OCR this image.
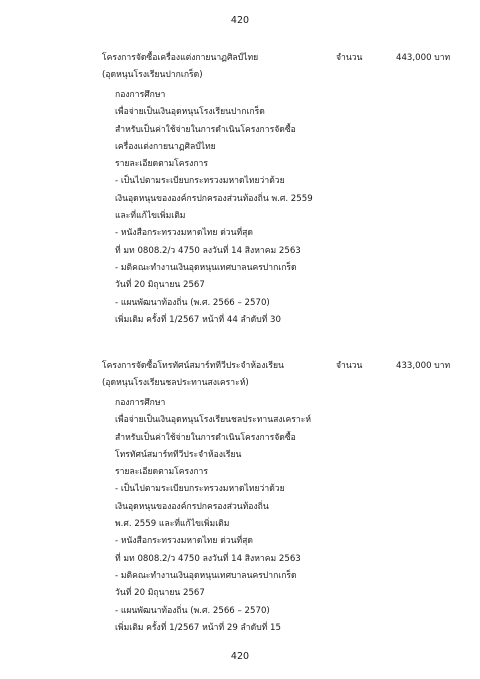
420
โครงการจัดซื้อเครื่องแต่งกายนาฏศิลป์ไทย	จำนวน	443,000 บาท
(อุดหนุนโรงเรียนปากเกร็ด)
กองการศึกษา
เพื่อจ่ายเป็นเงินอุดหนุนโรงเรียนปากเกร็ด
สำหรับเป็นค่าใช้จ่ายในการดำเนินโครงการจัดซื้อ
เครื่องแต่งกายนาฏศิลป์ไทย
รายละเอียดตามโครงการ
- เป็นไปตามระเบียบกระทรวงมหาดไทยว่าด้วย
เงินอุดหนุนขององค์กรปกครองส่วนท้องถิ่น พ.ศ. 2559
และที่แก้ไขเพิ่มเติม
- หนังสือกระทรวงมหาดไทย ด่วนที่สุด
ที่ มท 0808.2/ว 4750 ลงวันที่ 14 สิงหาคม 2563
- มติคณะทำงานเงินอุดหนุนเทศบาลนครปากเกร็ด
วันที่ 20 มิถุนายน 2567
- แผนพัฒนาท้องถิ่น (พ.ศ. 2566 – 2570)
เพิ่มเติม ครั้งที่ 1/2567 หน้าที่ 44 ลำดับที่ 30
โครงการจัดซื้อโทรทัศน์สมาร์ททีวีประจำห้องเรียน	จำนวน	433,000 บาท
(อุดหนุนโรงเรียนชลประทานสงเคราะห์)
กองการศึกษา
เพื่อจ่ายเป็นเงินอุดหนุนโรงเรียนชลประทานสงเคราะห์
สำหรับเป็นค่าใช้จ่ายในการดำเนินโครงการจัดซื้อ
โทรทัศน์สมาร์ททีวีประจำห้องเรียน
รายละเอียดตามโครงการ
- เป็นไปตามระเบียบกระทรวงมหาดไทยว่าด้วย
เงินอุดหนุนขององค์กรปกครองส่วนท้องถิ่น
พ.ศ. 2559 และที่แก้ไขเพิ่มเติม
- หนังสือกระทรวงมหาดไทย ด่วนที่สุด
ที่ มท 0808.2/ว 4750 ลงวันที่ 14 สิงหาคม 2563
- มติคณะทำงานเงินอุดหนุนเทศบาลนครปากเกร็ด
วันที่ 20 มิถุนายน 2567
- แผนพัฒนาท้องถิ่น (พ.ศ. 2566 – 2570)
เพิ่มเติม ครั้งที่ 1/2567 หน้าที่ 29 ลำดับที่ 15
420
